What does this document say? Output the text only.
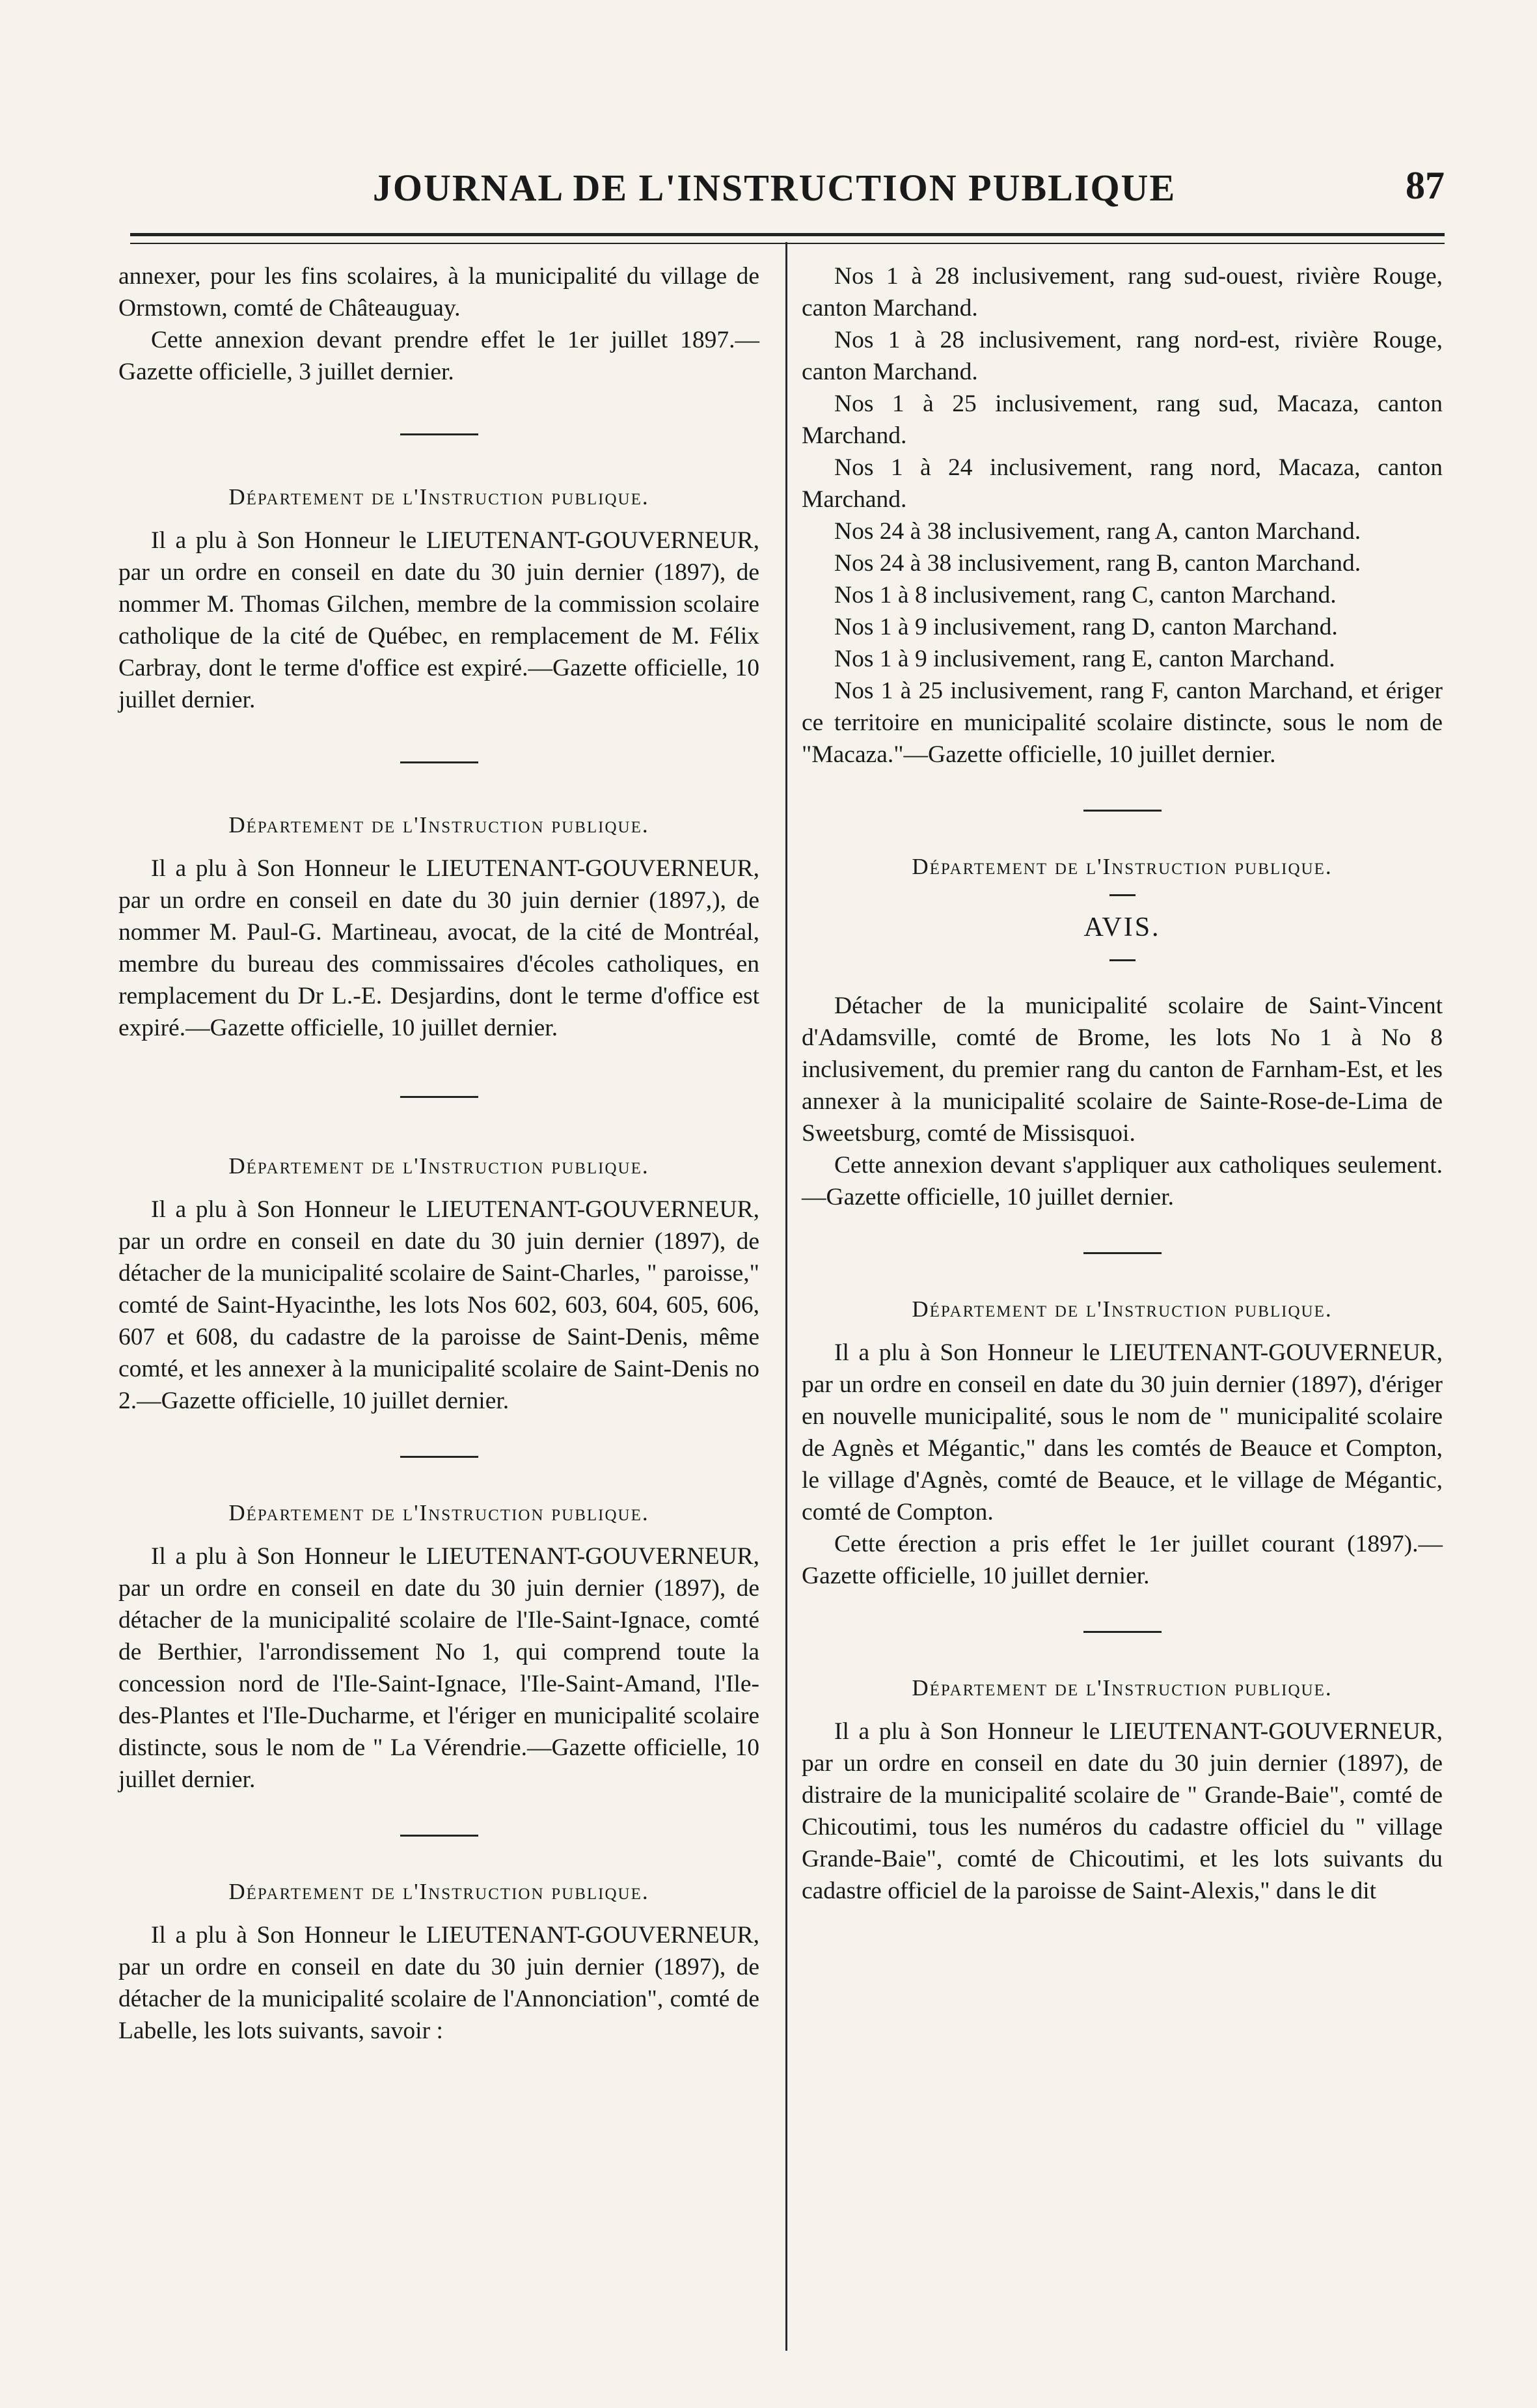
JOURNAL DE L'INSTRUCTION PUBLIQUE	87

annexer, pour les fins scolaires, à la municipalité du village de Ormstown, comté de Châteauguay.

Cette annexion devant prendre effet le 1er juillet 1897.—Gazette officielle, 3 juillet dernier.

Département de l'Instruction publique.

Il a plu à Son Honneur le LIEUTENANT-GOUVERNEUR, par un ordre en conseil en date du 30 juin dernier (1897), de nommer M. Thomas Gilchen, membre de la commission scolaire catholique de la cité de Québec, en remplacement de M. Félix Carbray, dont le terme d'office est expiré.—Gazette officielle, 10 juillet dernier.

Département de l'Instruction publique.

Il a plu à Son Honneur le LIEUTENANT-GOUVERNEUR, par un ordre en conseil en date du 30 juin dernier (1897,), de nommer M. Paul-G. Martineau, avocat, de la cité de Montréal, membre du bureau des commissaires d'écoles catholiques, en remplacement du Dr L.-E. Desjardins, dont le terme d'office est expiré.—Gazette officielle, 10 juillet dernier.

Département de l'Instruction publique.

Il a plu à Son Honneur le LIEUTENANT-GOUVERNEUR, par un ordre en conseil en date du 30 juin dernier (1897), de détacher de la municipalité scolaire de Saint-Charles, " paroisse," comté de Saint-Hyacinthe, les lots Nos 602, 603, 604, 605, 606, 607 et 608, du cadastre de la paroisse de Saint-Denis, même comté, et les annexer à la municipalité scolaire de Saint-Denis no 2.—Gazette officielle, 10 juillet dernier.

Département de l'Instruction publique.

Il a plu à Son Honneur le LIEUTENANT-GOUVERNEUR, par un ordre en conseil en date du 30 juin dernier (1897), de détacher de la municipalité scolaire de l'Ile-Saint-Ignace, comté de Berthier, l'arrondissement No 1, qui comprend toute la concession nord de l'Ile-Saint-Ignace, l'Ile-Saint-Amand, l'Ile-des-Plantes et l'Ile-Ducharme, et l'ériger en municipalité scolaire distincte, sous le nom de " La Vérendrie.—Gazette officielle, 10 juillet dernier.

Département de l'Instruction publique.

Il a plu à Son Honneur le LIEUTENANT-GOUVERNEUR, par un ordre en conseil en date du 30 juin dernier (1897), de détacher de la municipalité scolaire de l'Annonciation", comté de Labelle, les lots suivants, savoir :

Nos 1 à 28 inclusivement, rang sud-ouest, rivière Rouge, canton Marchand.

Nos 1 à 28 inclusivement, rang nord-est, rivière Rouge, canton Marchand.

Nos 1 à 25 inclusivement, rang sud, Macaza, canton Marchand.

Nos 1 à 24 inclusivement, rang nord, Macaza, canton Marchand.

Nos 24 à 38 inclusivement, rang A, canton Marchand.

Nos 24 à 38 inclusivement, rang B, canton Marchand.

Nos 1 à 8 inclusivement, rang C, canton Marchand.

Nos 1 à 9 inclusivement, rang D, canton Marchand.

Nos 1 à 9 inclusivement, rang E, canton Marchand.

Nos 1 à 25 inclusivement, rang F, canton Marchand, et ériger ce territoire en municipalité scolaire distincte, sous le nom de "Macaza."—Gazette officielle, 10 juillet dernier.

Département de l'Instruction publique.

AVIS.

Détacher de la municipalité scolaire de Saint-Vincent d'Adamsville, comté de Brome, les lots No 1 à No 8 inclusivement, du premier rang du canton de Farnham-Est, et les annexer à la municipalité scolaire de Sainte-Rose-de-Lima de Sweetsburg, comté de Missisquoi.

Cette annexion devant s'appliquer aux catholiques seulement.—Gazette officielle, 10 juillet dernier.

Département de l'Instruction publique.

Il a plu à Son Honneur le LIEUTENANT-GOUVERNEUR, par un ordre en conseil en date du 30 juin dernier (1897), d'ériger en nouvelle municipalité, sous le nom de " municipalité scolaire de Agnès et Mégantic," dans les comtés de Beauce et Compton, le village d'Agnès, comté de Beauce, et le village de Mégantic, comté de Compton.

Cette érection a pris effet le 1er juillet courant (1897).—Gazette officielle, 10 juillet dernier.

Département de l'Instruction publique.

Il a plu à Son Honneur le LIEUTENANT-GOUVERNEUR, par un ordre en conseil en date du 30 juin dernier (1897), de distraire de la municipalité scolaire de " Grande-Baie", comté de Chicoutimi, tous les numéros du cadastre officiel du " village Grande-Baie", comté de Chicoutimi, et les lots suivants du cadastre officiel de la paroisse de Saint-Alexis," dans le dit
